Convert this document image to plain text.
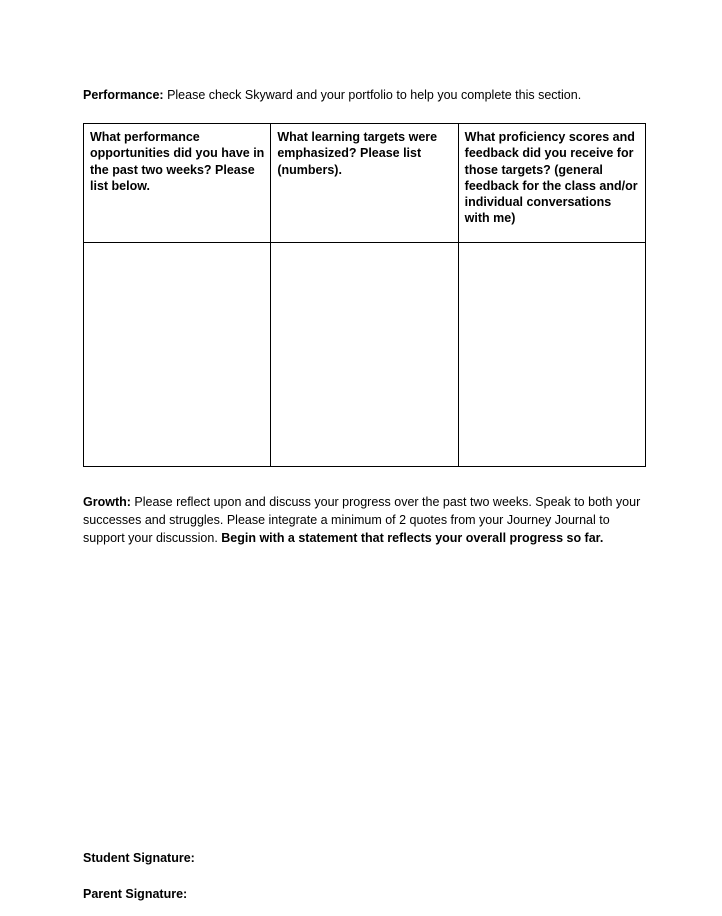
Performance: Please check Skyward and your portfolio to help you complete this section.
What performance opportunities did you have in the past two weeks? Please list below.	What learning targets were emphasized? Please list (numbers).	What proficiency scores and feedback did you receive for those targets? (general feedback for the class and/or individual conversations with me)

Growth: Please reflect upon and discuss your progress over the past two weeks. Speak to both your successes and struggles. Please integrate a minimum of 2 quotes from your Journey Journal to support your discussion. Begin with a statement that reflects your overall progress so far.
Student Signature:
Parent Signature:
